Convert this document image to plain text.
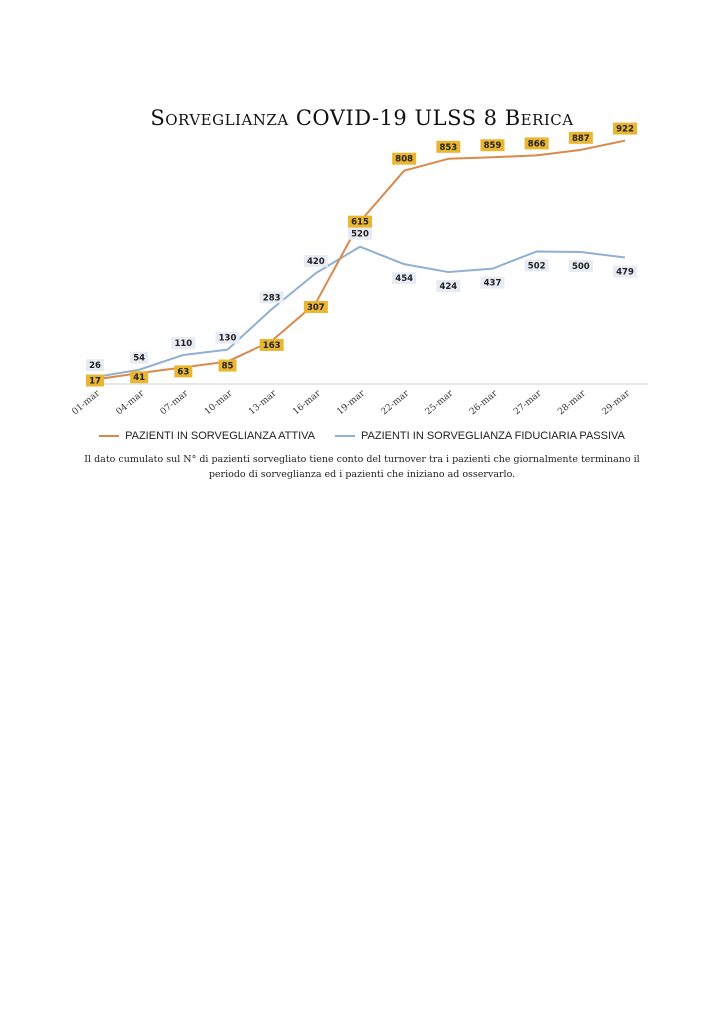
Sorveglianza COVID-19 ULSS 8 Berica
17
26
41
54
63
110
85
130
163
283
307
420
615
520
808
454
853
424
859
437
866
502
887
500
922
479
01-mar 04-mar 07-mar 10-mar 13-mar 16-mar 19-mar 22-mar 25-mar 26-mar 27-mar 28-mar 29-mar
PAZIENTI IN SORVEGLIANZA ATTIVA	PAZIENTI IN SORVEGLIANZA FIDUCIARIA PASSIVA
Il dato cumulato sul N° di pazienti sorvegliato tiene conto del turnover tra i pazienti che giornalmente terminano il periodo di sorveglianza ed i pazienti che iniziano ad osservarlo.
